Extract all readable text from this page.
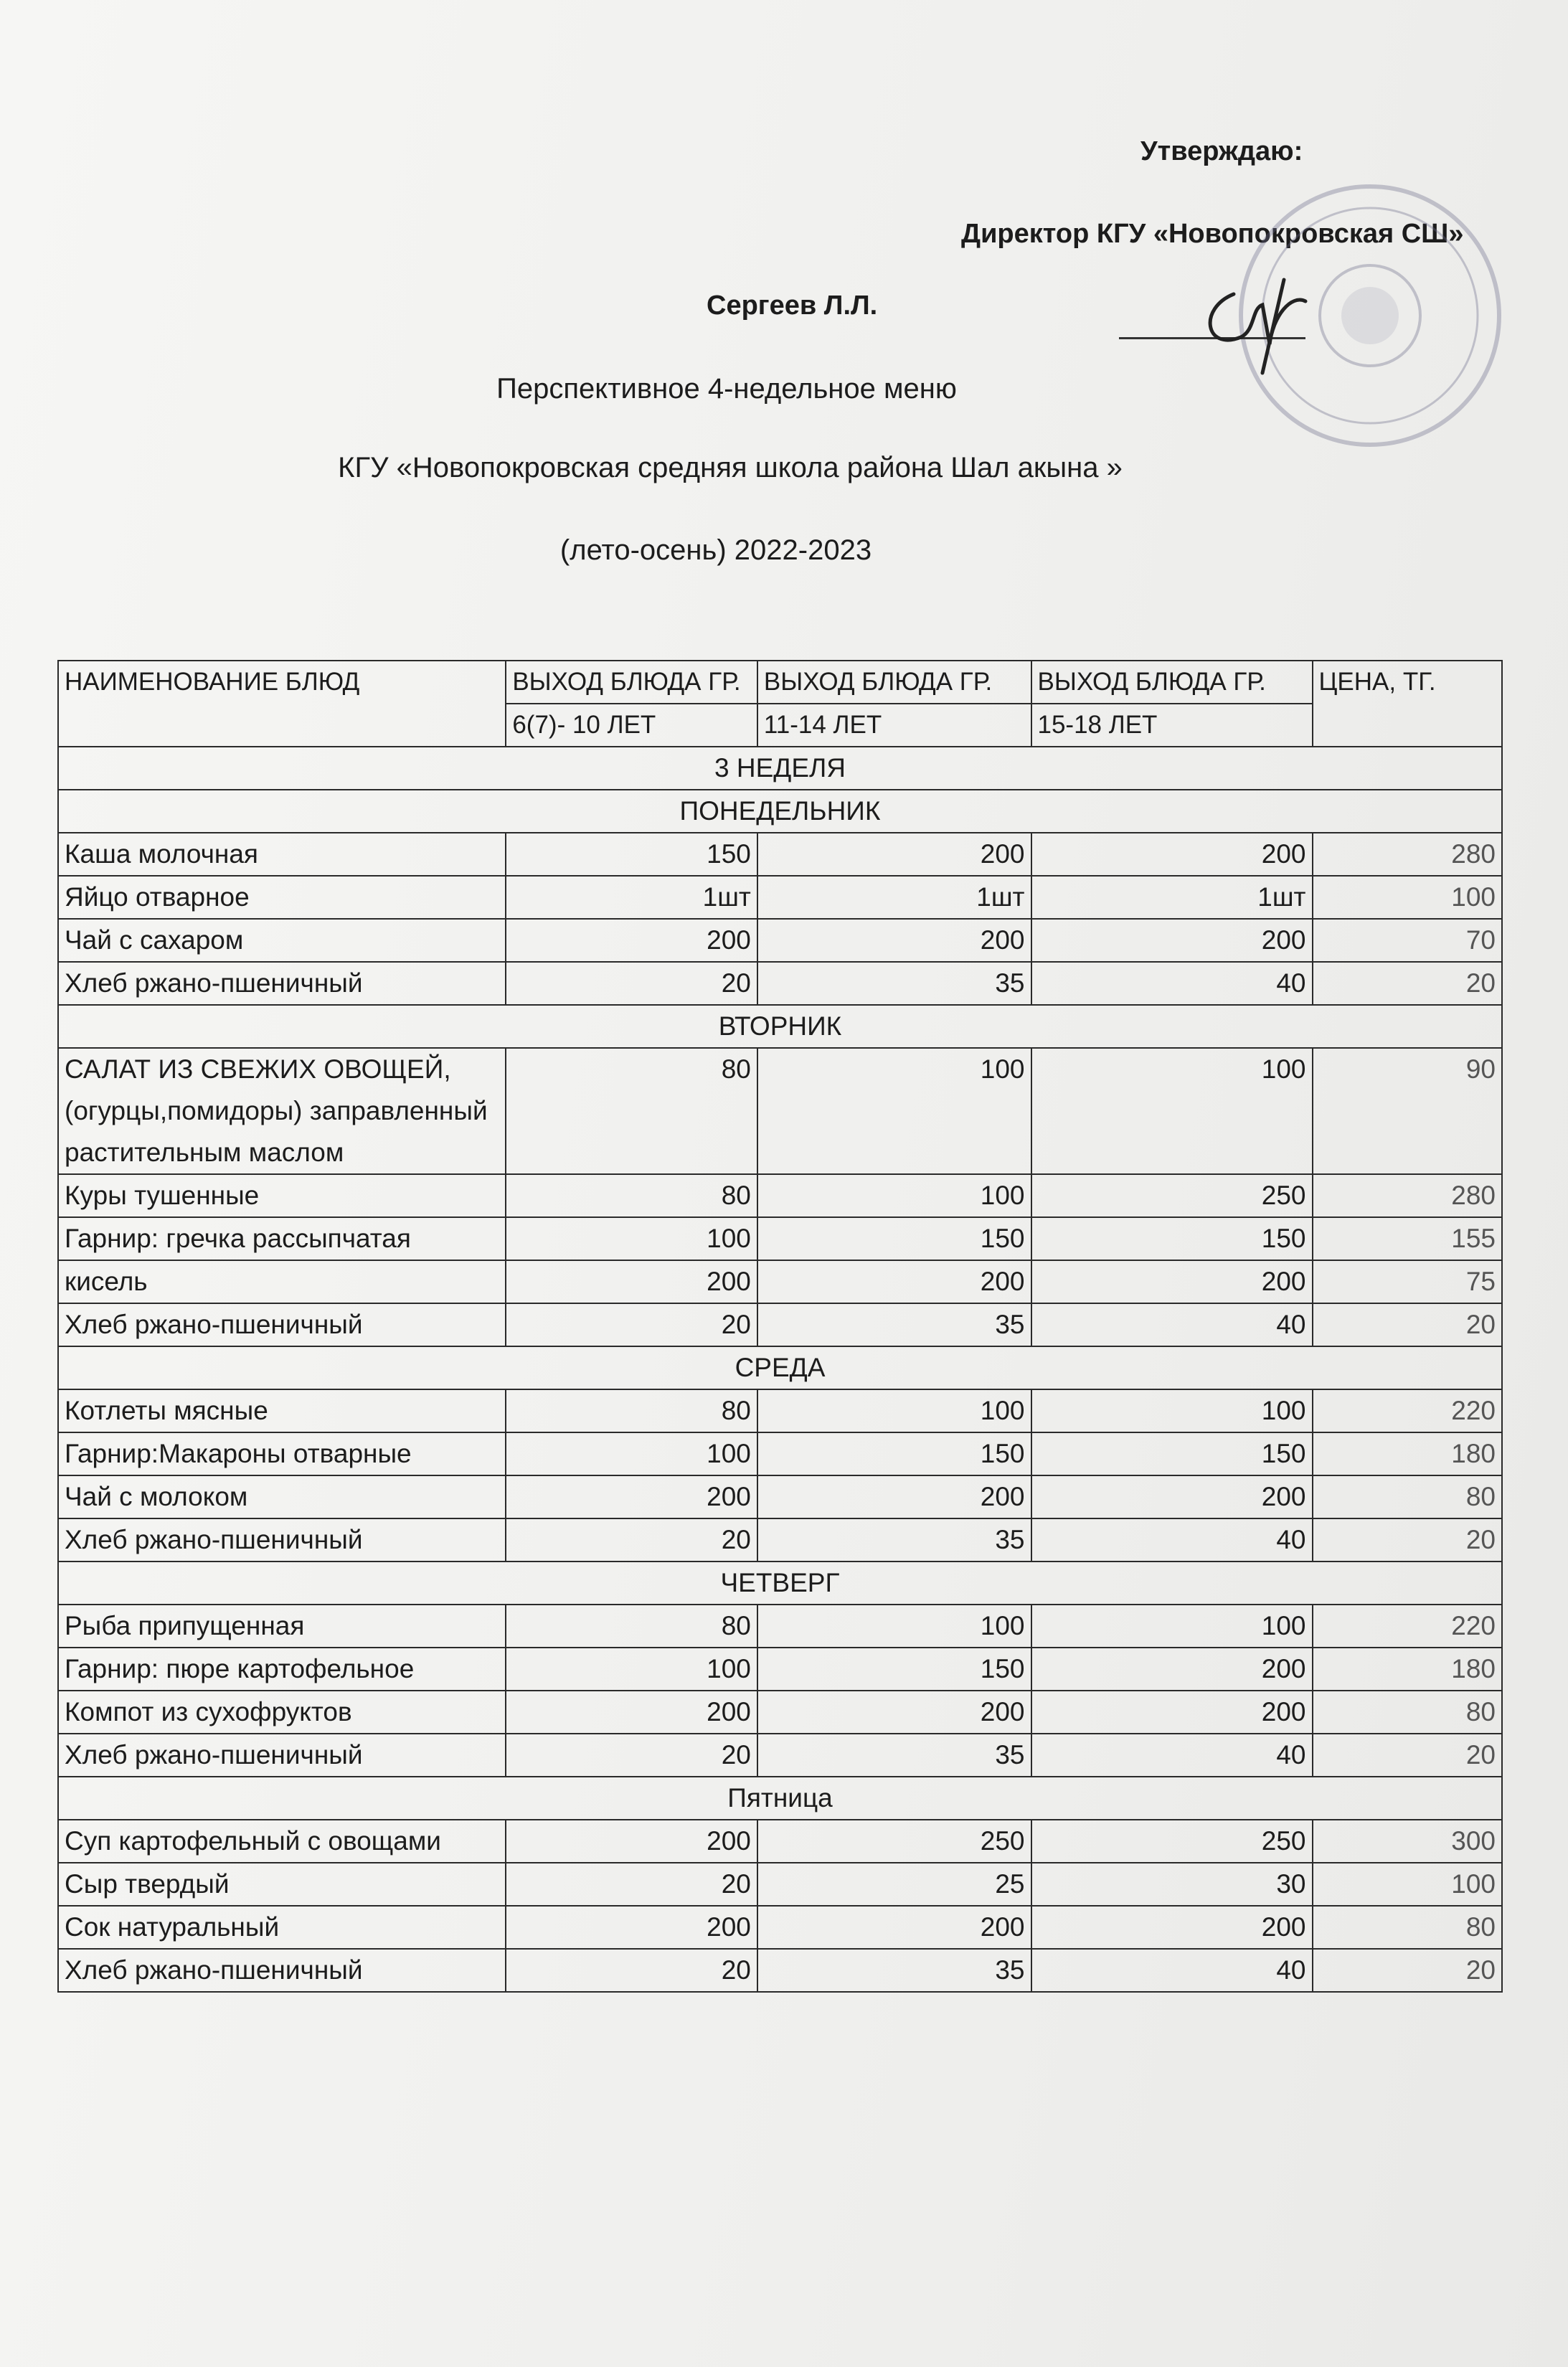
Утверждаю:
Директор КГУ «Новопокровская СШ»
Сергеев Л.Л.
Перспективное 4-недельное меню
КГУ «Новопокровская средняя школа района Шал акына »
(лето-осень) 2022-2023
НАИМЕНОВАНИЕ БЛЮД	ВЫХОД БЛЮДА ГР.	ВЫХОД БЛЮДА ГР.	ВЫХОД БЛЮДА ГР.	ЦЕНА, ТГ.
	6(7)- 10 ЛЕТ	11-14 ЛЕТ	15-18 ЛЕТ	
3 НЕДЕЛЯ				
ПОНЕДЕЛЬНИК				
Каша молочная	150	200	200	280
Яйцо отварное	1шт	1шт	1шт	100
Чай с сахаром	200	200	200	70
Хлеб ржано-пшеничный	20	35	40	20
ВТОРНИК				
САЛАТ ИЗ СВЕЖИХ ОВОЩЕЙ, (огурцы,помидоры) заправленный растительным маслом	80	100	100	90
Куры тушенные	80	100	250	280
Гарнир: гречка рассыпчатая	100	150	150	155
кисель	200	200	200	75
Хлеб ржано-пшеничный	20	35	40	20
СРЕДА				
Котлеты мясные	80	100	100	220
Гарнир:Макароны отварные	100	150	150	180
Чай с молоком	200	200	200	80
Хлеб ржано-пшеничный	20	35	40	20
ЧЕТВЕРГ				
Рыба припущенная	80	100	100	220
Гарнир: пюре картофельное	100	150	200	180
Компот из сухофруктов	200	200	200	80
Хлеб ржано-пшеничный	20	35	40	20
Пятница				
Суп картофельный с овощами	200	250	250	300
Сыр твердый	20	25	30	100
Сок натуральный	200	200	200	80
Хлеб ржано-пшеничный	20	35	40	20
